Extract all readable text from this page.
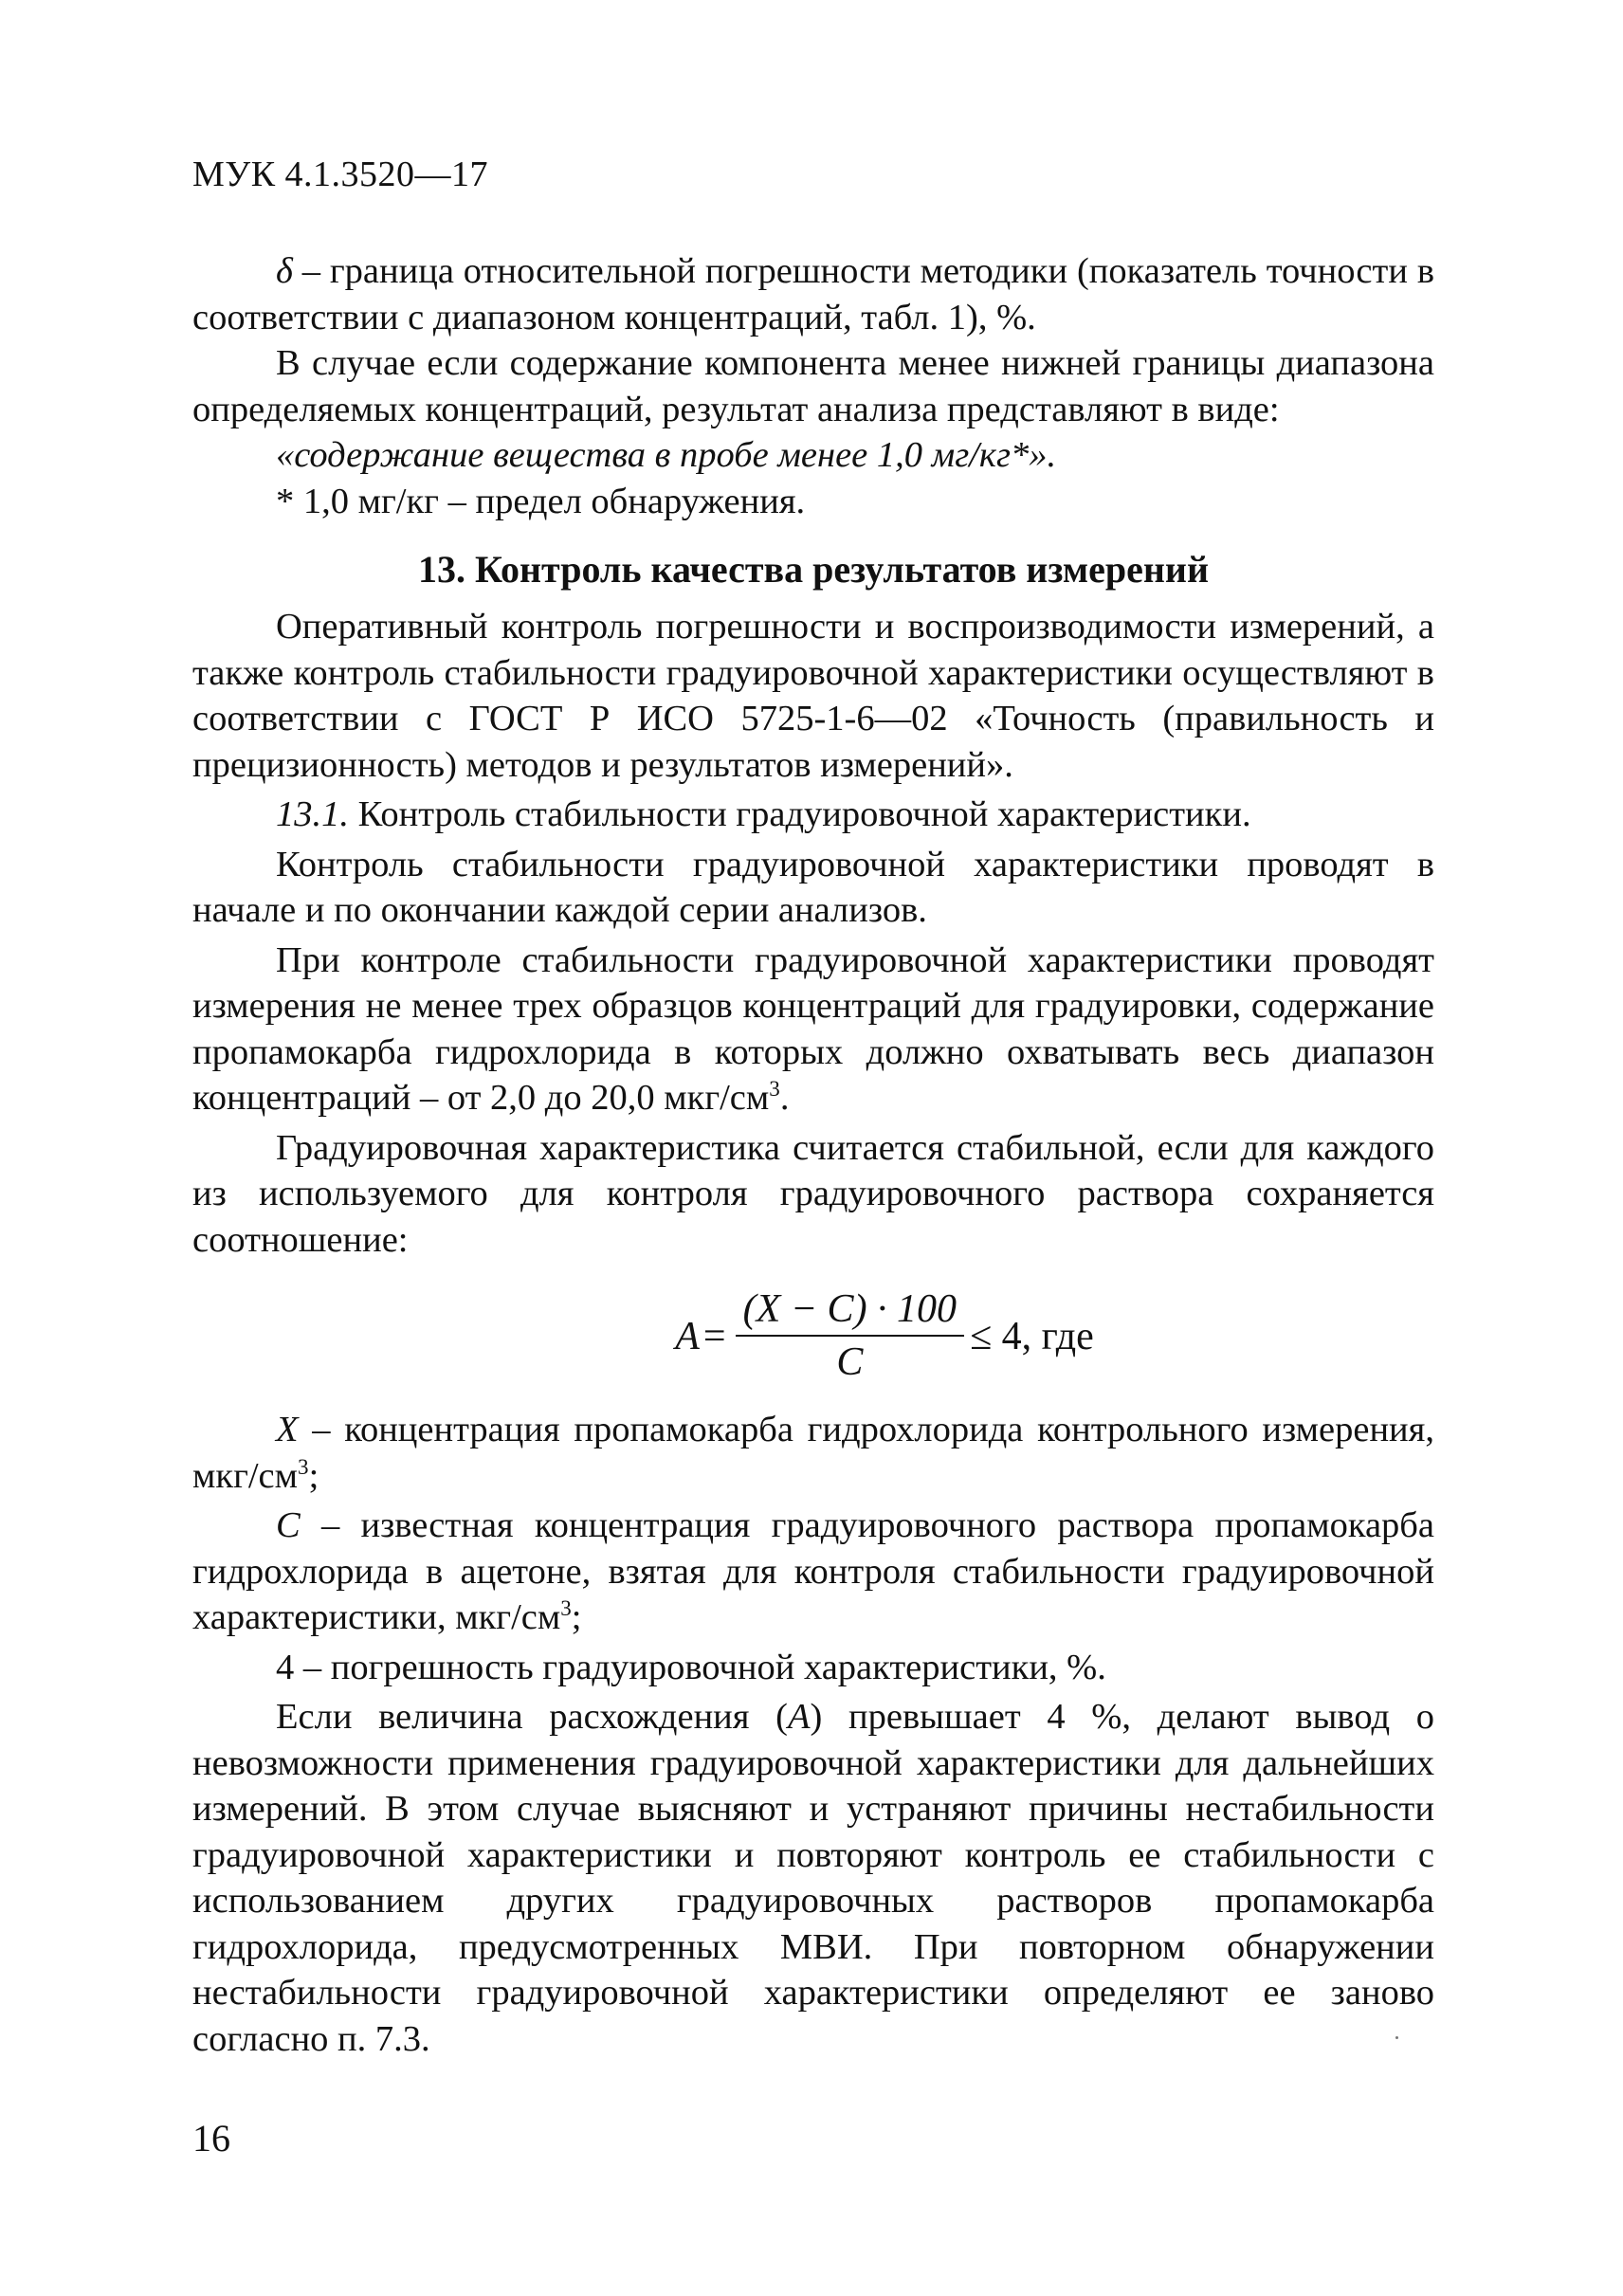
МУК 4.1.3520—17

δ – граница относительной погрешности методики (показатель точности в соответствии с диапазоном концентраций, табл. 1), %.

В случае если содержание компонента менее нижней границы диапазона определяемых концентраций, результат анализа представляют в виде:

«содержание вещества в пробе менее 1,0 мг/кг*».

* 1,0 мг/кг – предел обнаружения.

13. Контроль качества результатов измерений

Оперативный контроль погрешности и воспроизводимости измерений, а также контроль стабильности градуировочной характеристики осуществляют в соответствии с ГОСТ Р ИСО 5725-1-6—02 «Точность (правильность и прецизионность) методов и результатов измерений».

13.1. Контроль стабильности градуировочной характеристики.

Контроль стабильности градуировочной характеристики проводят в начале и по окончании каждой серии анализов.

При контроле стабильности градуировочной характеристики проводят измерения не менее трех образцов концентраций для градуировки, содержание пропамокарба гидрохлорида в которых должно охватывать весь диапазон концентраций – от 2,0 до 20,0 мкг/$см^3$.

Градуировочная характеристика считается стабильной, если для каждого из используемого для контроля градуировочного раствора сохраняется соотношение:

$A = \frac{(X - C) \cdot 100}{C} \le 4$, где

X – концентрация пропамокарба гидрохлорида контрольного измерения, мкг/$см^3$;

C – известная концентрация градуировочного раствора пропамокарба гидрохлорида в ацетоне, взятая для контроля стабильности градуировочной характеристики, мкг/$см^3$;

4 – погрешность градуировочной характеристики, %.

Если величина расхождения (A) превышает 4 %, делают вывод о невозможности применения градуировочной характеристики для дальнейших измерений. В этом случае выясняют и устраняют причины нестабильности градуировочной характеристики и повторяют контроль ее стабильности с использованием других градуировочных растворов пропамокарба гидрохлорида, предусмотренных МВИ. При повторном обнаружении нестабильности градуировочной характеристики определяют ее заново согласно п. 7.3.

16
